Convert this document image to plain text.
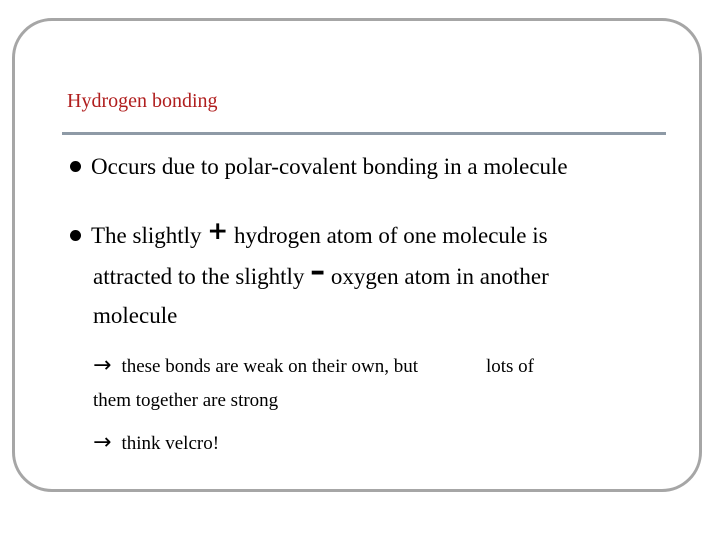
Hydrogen bonding
Occurs due to polar-covalent bonding in a molecule
The slightly + hydrogen atom of one molecule is
attracted to the slightly – oxygen atom in another
molecule
→ these bonds are weak on their own, but	lots of
them together are strong
→ think velcro!
